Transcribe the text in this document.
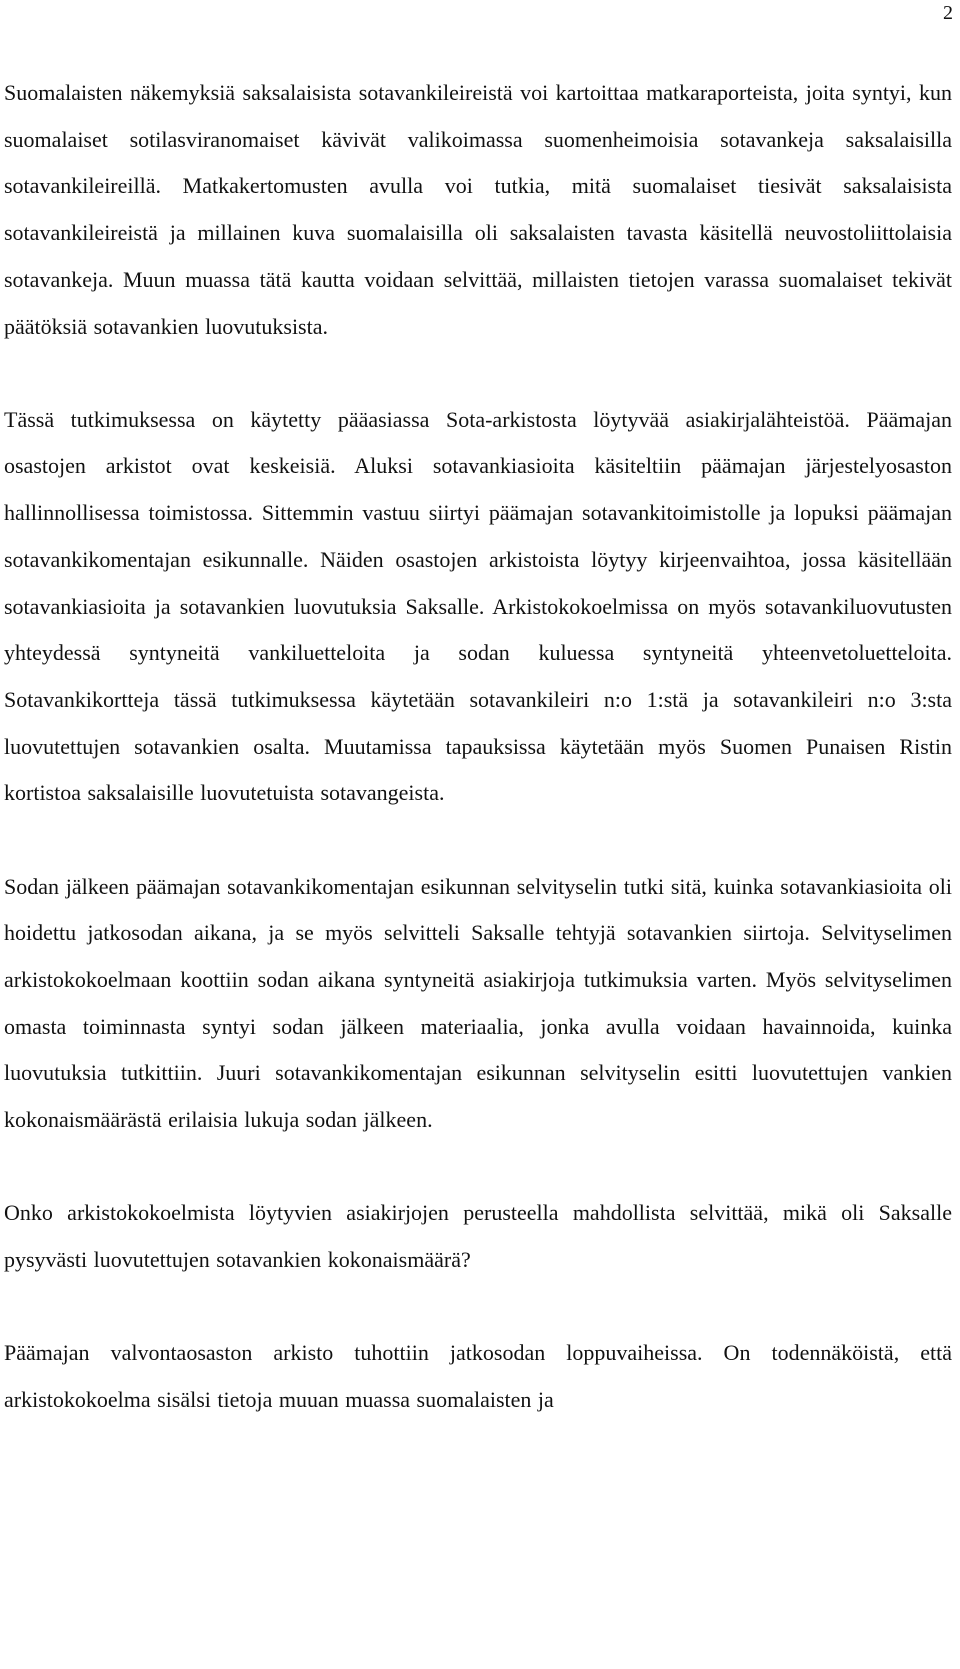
2

Suomalaisten näkemyksiä saksalaisista sotavankileireistä voi kartoittaa matkaraporteista, joita syntyi, kun suomalaiset sotilasviranomaiset kävivät valikoimassa suomenheimoisia sotavankeja saksalaisilla sotavankileireillä. Matkakertomusten avulla voi tutkia, mitä suomalaiset tiesivät saksalaisista sotavankileireistä ja millainen kuva suomalaisilla oli saksalaisten tavasta käsitellä neuvostoliittolaisia sotavankeja. Muun muassa tätä kautta voidaan selvittää, millaisten tietojen varassa suomalaiset tekivät päätöksiä sotavankien luovutuksista.

Tässä tutkimuksessa on käytetty pääasiassa Sota-arkistosta löytyvää asiakirjalähteistöä. Päämajan osastojen arkistot ovat keskeisiä. Aluksi sotavankiasioita käsiteltiin päämajan järjestelyosaston hallinnollisessa toimistossa. Sittemmin vastuu siirtyi päämajan sotavankitoimistolle ja lopuksi päämajan sotavankikomentajan esikunnalle. Näiden osastojen arkistoista löytyy kirjeenvaihtoa, jossa käsitellään sotavankiasioita ja sotavankien luovutuksia Saksalle. Arkistokokoelmissa on myös sotavankiluovutusten yhteydessä syntyneitä vankiluetteloita ja sodan kuluessa syntyneitä yhteenvetoluetteloita. Sotavankikortteja tässä tutkimuksessa käytetään sotavankileiri n:o 1:stä ja sotavankileiri n:o 3:sta luovutettujen sotavankien osalta. Muutamissa tapauksissa käytetään myös Suomen Punaisen Ristin kortistoa saksalaisille luovutetuista sotavangeista.

Sodan jälkeen päämajan sotavankikomentajan esikunnan selvityselin tutki sitä, kuinka sotavankiasioita oli hoidettu jatkosodan aikana, ja se myös selvitteli Saksalle tehtyjä sotavankien siirtoja. Selvityselimen arkistokokoelmaan koottiin sodan aikana syntyneitä asiakirjoja tutkimuksia varten. Myös selvityselimen omasta toiminnasta syntyi sodan jälkeen materiaalia, jonka avulla voidaan havainnoida, kuinka luovutuksia tutkittiin. Juuri sotavankikomentajan esikunnan selvityselin esitti luovutettujen vankien kokonaismäärästä erilaisia lukuja sodan jälkeen.

Onko arkistokokoelmista löytyvien asiakirjojen perusteella mahdollista selvittää, mikä oli Saksalle pysyvästi luovutettujen sotavankien kokonaismäärä?

Päämajan valvontaosaston arkisto tuhottiin jatkosodan loppuvaiheissa. On todennäköistä, että arkistokokoelma sisälsi tietoja muuan muassa suomalaisten ja
